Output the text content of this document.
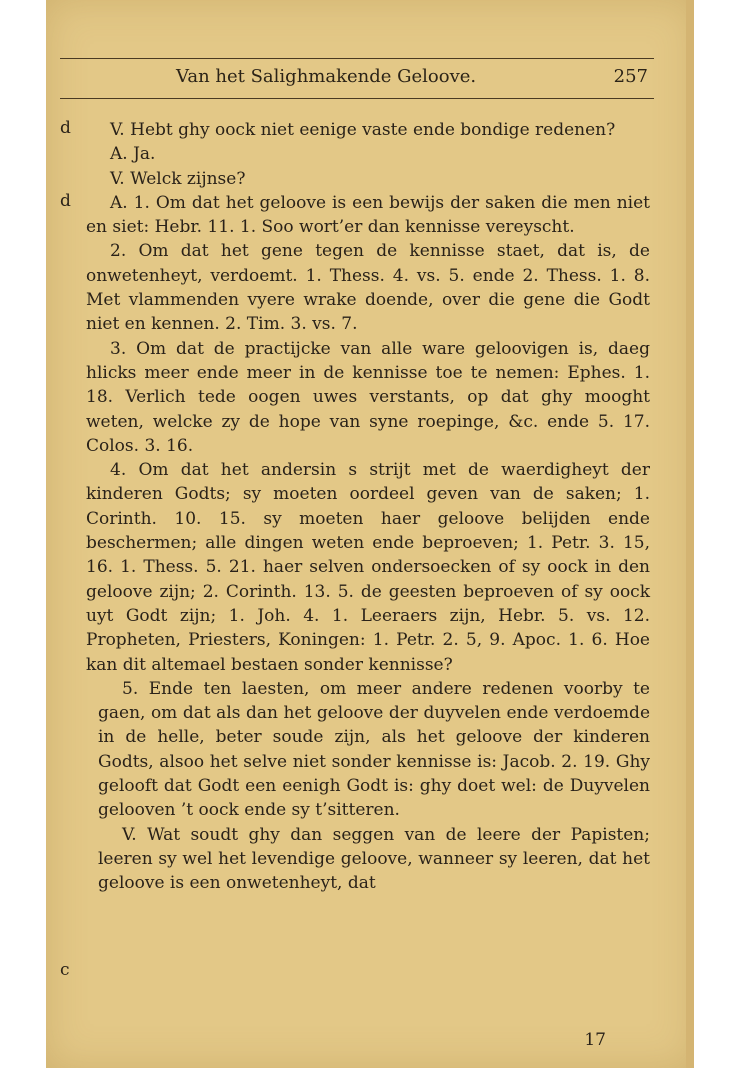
Van het Salighmakende Geloove.	257
d
d
c

V. Hebt ghy oock niet eenige vaste ende bondige redenen?

A. Ja.

V. Welck zijnse?

A. 1. Om dat het geloove is een bewijs der saken die men niet en siet: Hebr. 11. 1. Soo wort’er dan kennisse vereyscht.

2. Om dat het gene tegen de kennisse staet, dat is, de onwetenheyt, verdoemt. 1. Thess. 4. vs. 5. ende 2. Thess. 1. 8. Met vlammenden vyere wrake doende, over die gene die Godt niet en kennen. 2. Tim. 3. vs. 7.

3. Om dat de practijcke van alle ware geloovigen is, daeg hlicks meer ende meer in de kennisse toe te nemen: Ephes. 1. 18. Verlich tede oogen uwes verstants, op dat ghy mooght weten, welcke zy de hope van syne roepinge, &c. ende 5. 17. Colos. 3. 16.

4. Om dat het andersin s strijt met de waerdigheyt der kinderen Godts; sy moeten oordeel geven van de saken; 1. Corinth. 10. 15. sy moeten haer geloove belijden ende beschermen; alle dingen weten ende beproeven; 1. Petr. 3. 15, 16. 1. Thess. 5. 21. haer selven ondersoecken of sy oock in den geloove zijn; 2. Corinth. 13. 5. de geesten beproeven of sy oock uyt Godt zijn; 1. Joh. 4. 1. Leeraers zijn, Hebr. 5. vs. 12. Propheten, Priesters, Koningen: 1. Petr. 2. 5, 9. Apoc. 1. 6. Hoe kan dit altemael bestaen sonder kennisse?

5. Ende ten laesten, om meer andere redenen voorby te gaen, om dat als dan het geloove der duyvelen ende verdoemde in de helle, beter soude zijn, als het geloove der kinderen Godts, alsoo het selve niet sonder kennisse is: Jacob. 2. 19. Ghy gelooft dat Godt een eenigh Godt is: ghy doet wel: de Duyvelen gelooven ’t oock ende sy t’sitteren.

V. Wat soudt ghy dan seggen van de leere der Papisten; leeren sy wel het levendige geloove, wanneer sy leeren, dat het geloove is een onwetenheyt, dat

17
